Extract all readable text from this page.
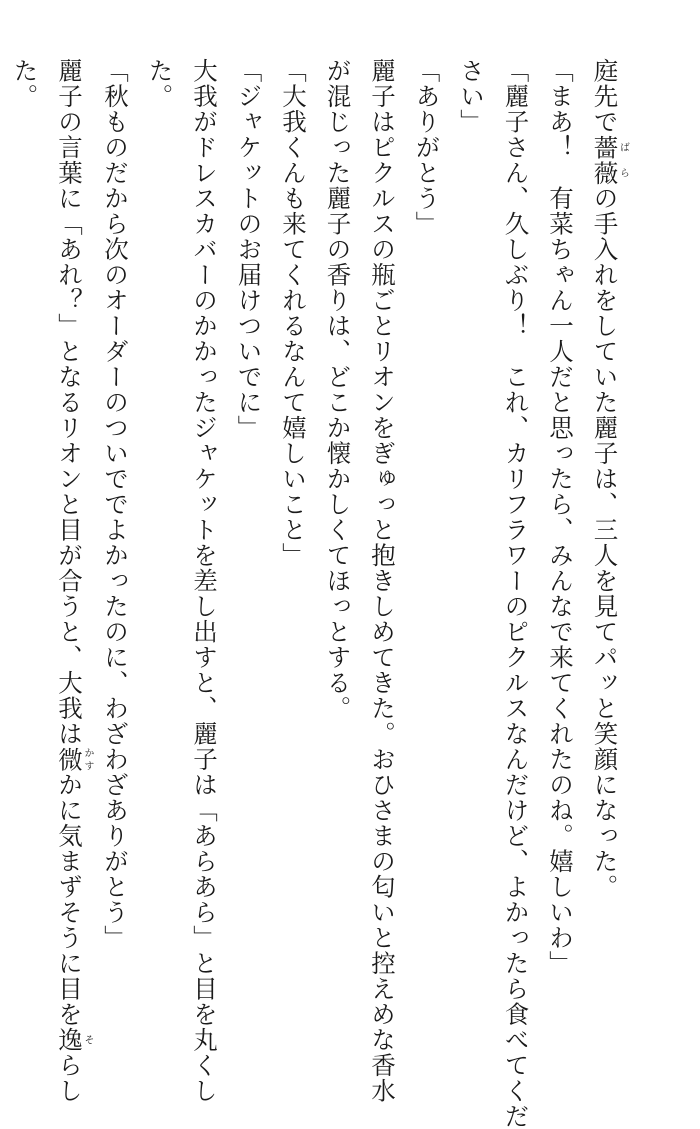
庭先で薔薇ばらの手入れをしていた麗子は、三人を見てパッと笑顔になった。
「まあ！　有菜ちゃん一人だと思ったら、みんなで来てくれたのね。嬉しいわ」
「麗子さん、久しぶり！　これ、カリフラワーのピクルスなんだけど、よかったら食べてくだ
さい」
「ありがとう」
麗子はピクルスの瓶ごとリオンをぎゅっと抱きしめてきた。おひさまの匂いと控えめな香水
が混じった麗子の香りは、どこか懐かしくてほっとする。
「大我くんも来てくれるなんて嬉しいこと」
「ジャケットのお届けついでに」
大我がドレスカバーのかかったジャケットを差し出すと、麗子は「あらあら」と目を丸くし
た。
「秋ものだから次のオーダーのついででよかったのに、わざわざありがとう」
麗子の言葉に「あれ？」となるリオンと目が合うと、大我は微かすかに気まずそうに目を逸そらし
た。
